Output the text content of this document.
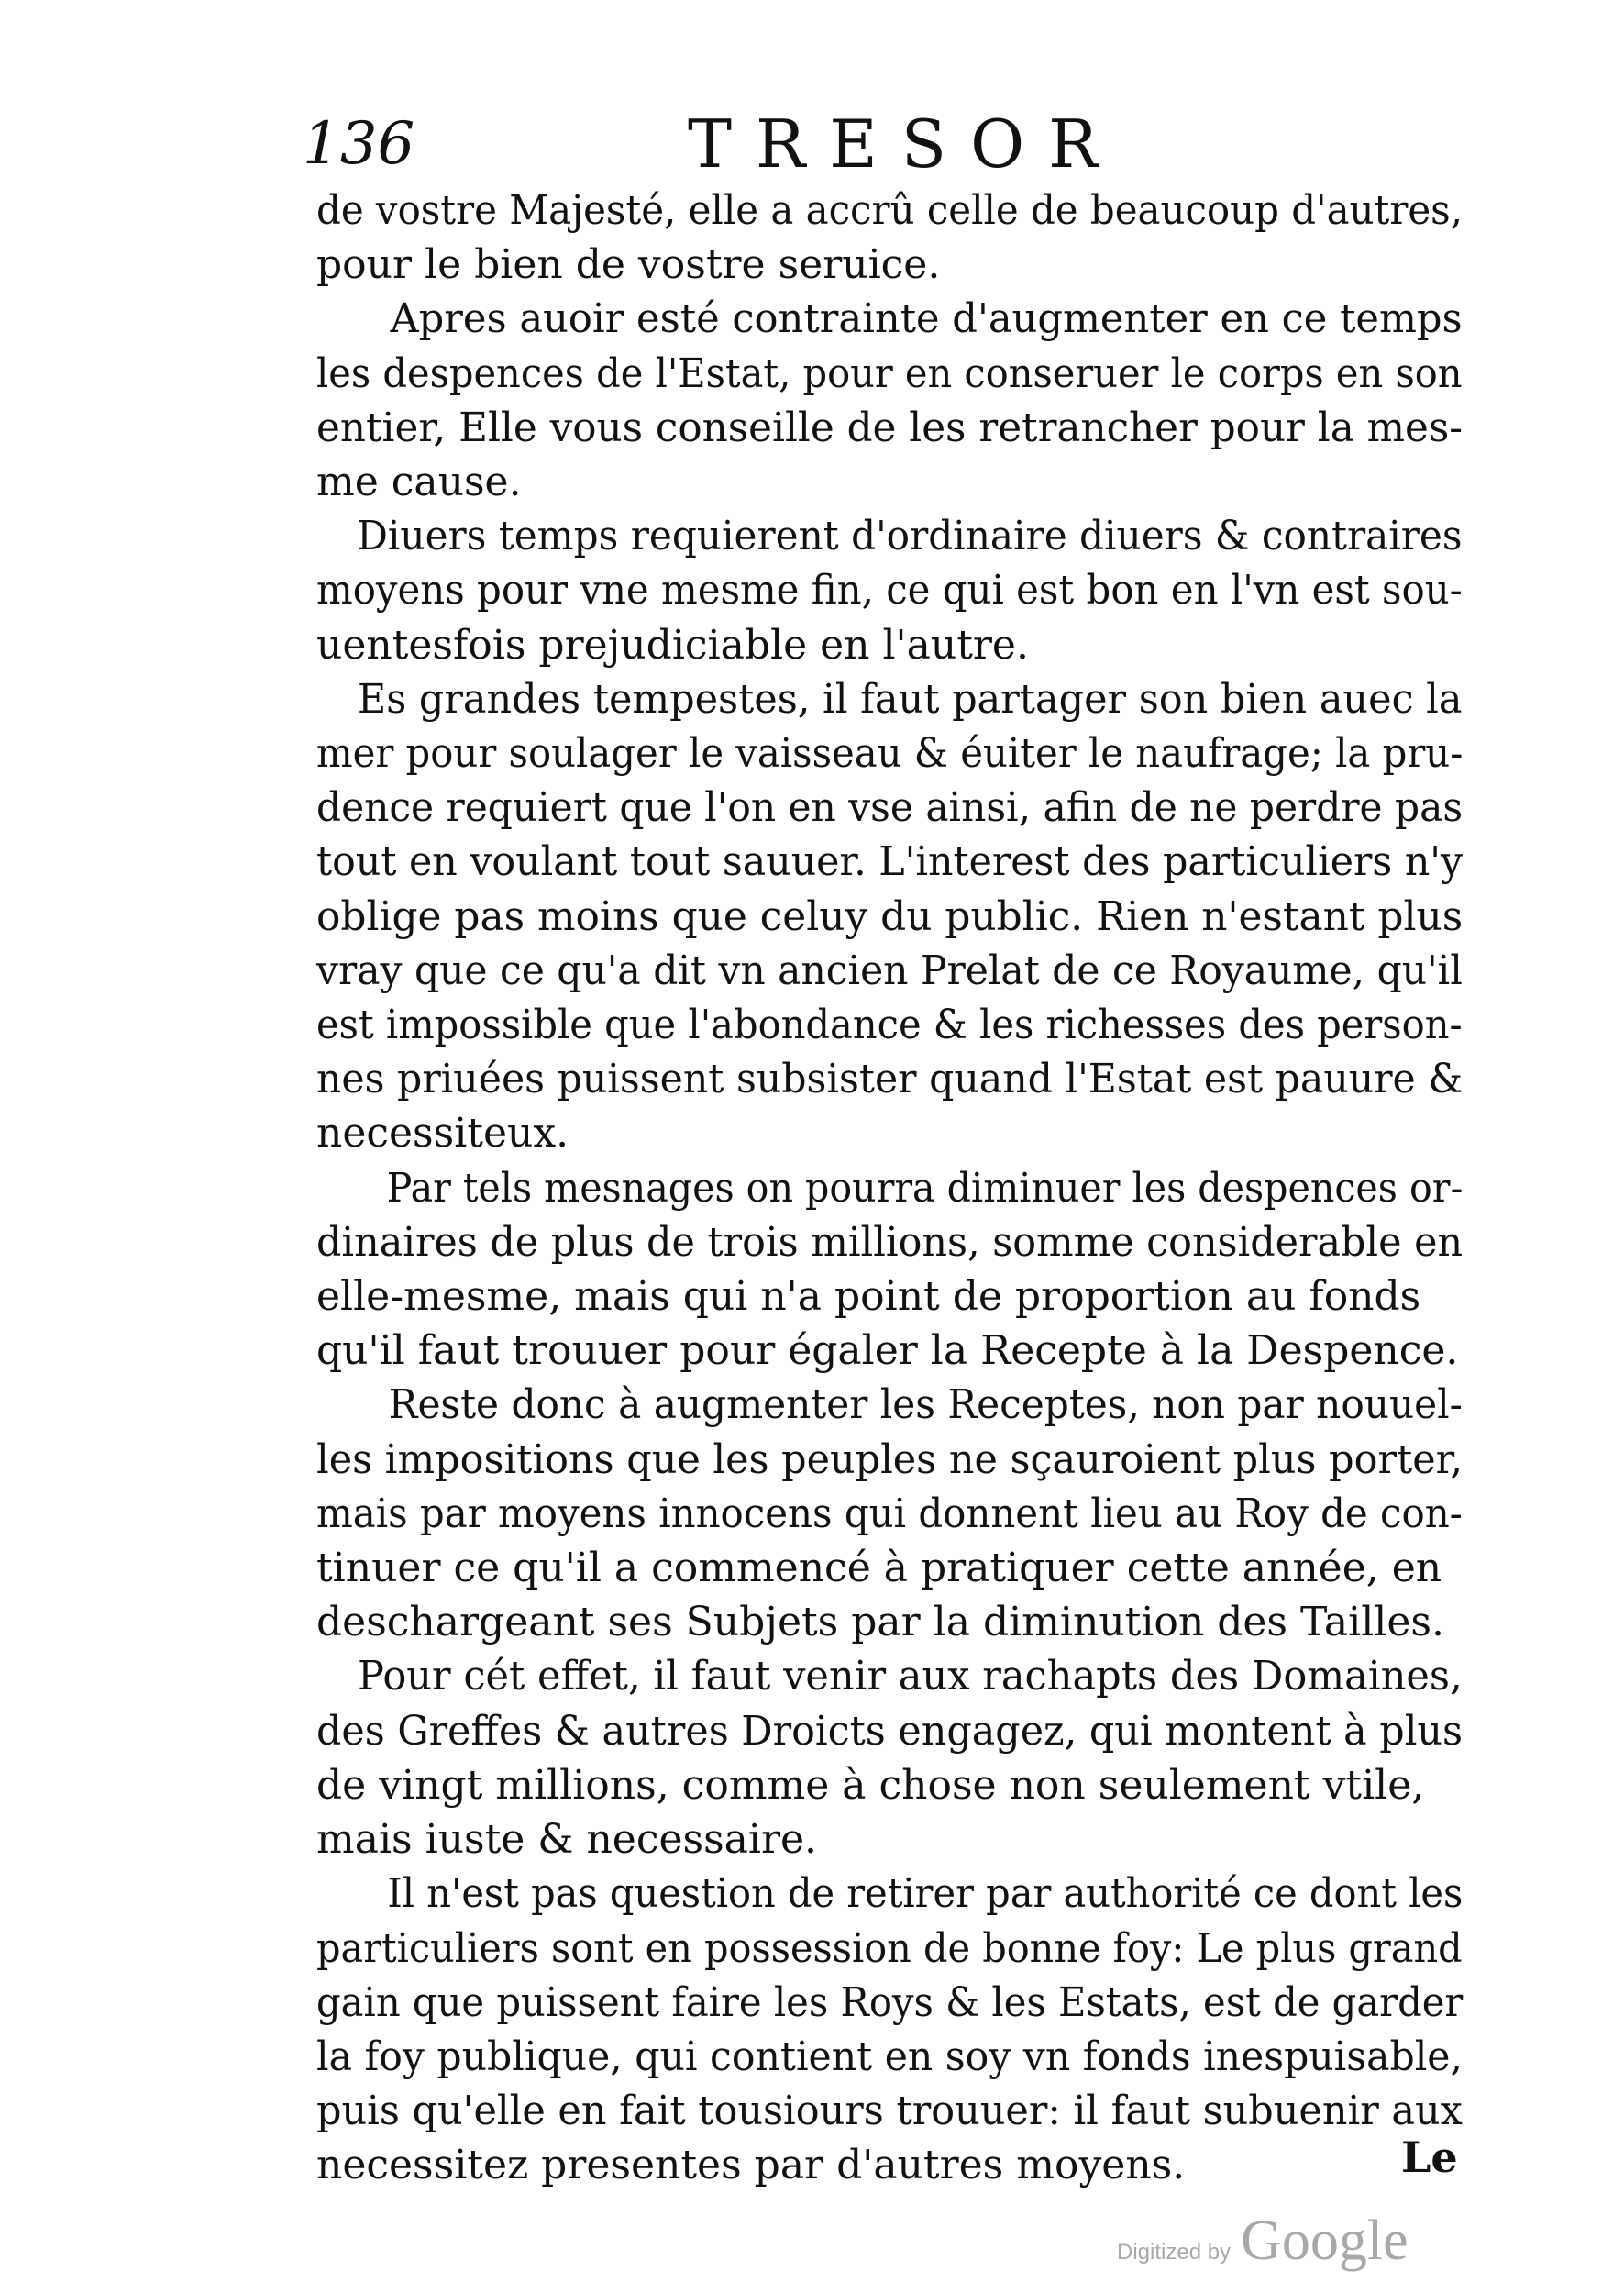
136	TRESOR
de vostre Majesté, elle a accrû celle de beaucoup d'autres,
pour le bien de vostre seruice.
Apres auoir esté contrainte d'augmenter en ce temps
les despences de l'Estat, pour en conseruer le corps en son
entier, Elle vous conseille de les retrancher pour la mes-
me cause.
Diuers temps requierent d'ordinaire diuers & contraires
moyens pour vne mesme fin, ce qui est bon en l'vn est sou-
uentesfois prejudiciable en l'autre.
Es grandes tempestes, il faut partager son bien auec la
mer pour soulager le vaisseau & éuiter le naufrage; la pru-
dence requiert que l'on en vse ainsi, afin de ne perdre pas
tout en voulant tout sauuer. L'interest des particuliers n'y
oblige pas moins que celuy du public. Rien n'estant plus
vray que ce qu'a dit vn ancien Prelat de ce Royaume, qu'il
est impossible que l'abondance & les richesses des person-
nes priuées puissent subsister quand l'Estat est pauure &
necessiteux.
Par tels mesnages on pourra diminuer les despences or-
dinaires de plus de trois millions, somme considerable en
elle-mesme, mais qui n'a point de proportion au fonds
qu'il faut trouuer pour égaler la Recepte à la Despence.
Reste donc à augmenter les Receptes, non par nouuel-
les impositions que les peuples ne sçauroient plus porter,
mais par moyens innocens qui donnent lieu au Roy de con-
tinuer ce qu'il a commencé à pratiquer cette année, en
deschargeant ses Subjets par la diminution des Tailles.
Pour cét effet, il faut venir aux rachapts des Domaines,
des Greffes & autres Droicts engagez, qui montent à plus
de vingt millions, comme à chose non seulement vtile,
mais iuste & necessaire.
Il n'est pas question de retirer par authorité ce dont les
particuliers sont en possession de bonne foy: Le plus grand
gain que puissent faire les Roys & les Estats, est de garder
la foy publique, qui contient en soy vn fonds inespuisable,
puis qu'elle en fait tousiours trouuer: il faut subuenir aux
necessitez presentes par d'autres moyens.	Le
Digitized by Google
